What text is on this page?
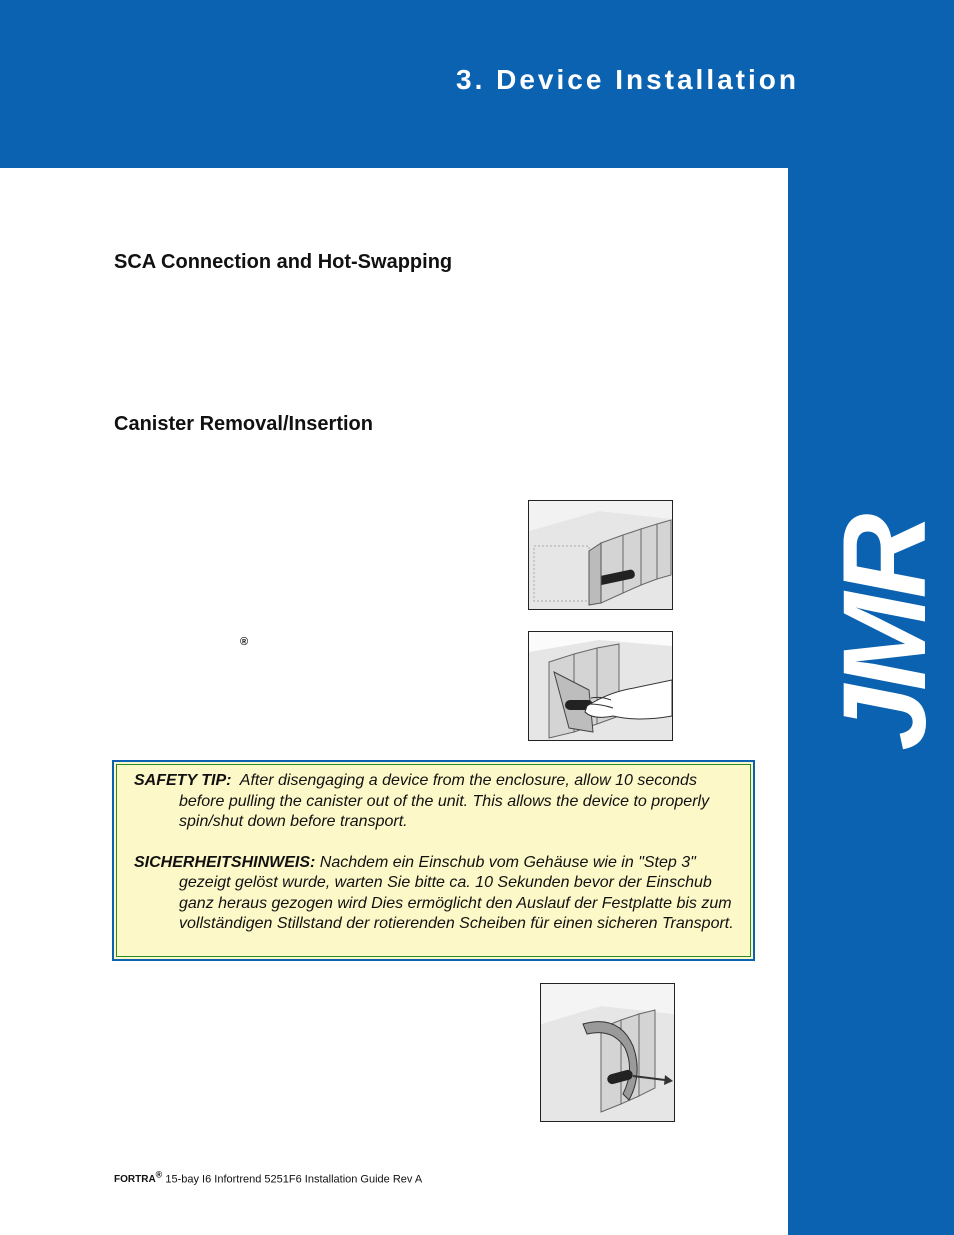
3. Device Installation
JMR
SCA Connection and Hot-Swapping
Canister Removal/Insertion
®

SAFETY TIP: After disengaging a device from the enclosure, allow 10 seconds before pulling the canister out of the unit. This allows the device to properly spin/shut down before transport.

SICHERHEITSHINWEIS: Nachdem ein Einschub vom Gehäuse wie in "Step 3" gezeigt gelöst wurde, warten Sie bitte ca. 10 Sekunden bevor der Einschub ganz heraus gezogen wird Dies ermöglicht den Auslauf der Festplatte bis zum vollständigen Stillstand der rotierenden Scheiben für einen sicheren Transport.

FORTRA® 15-bay I6 Infortrend 5251F6 Installation Guide Rev A
